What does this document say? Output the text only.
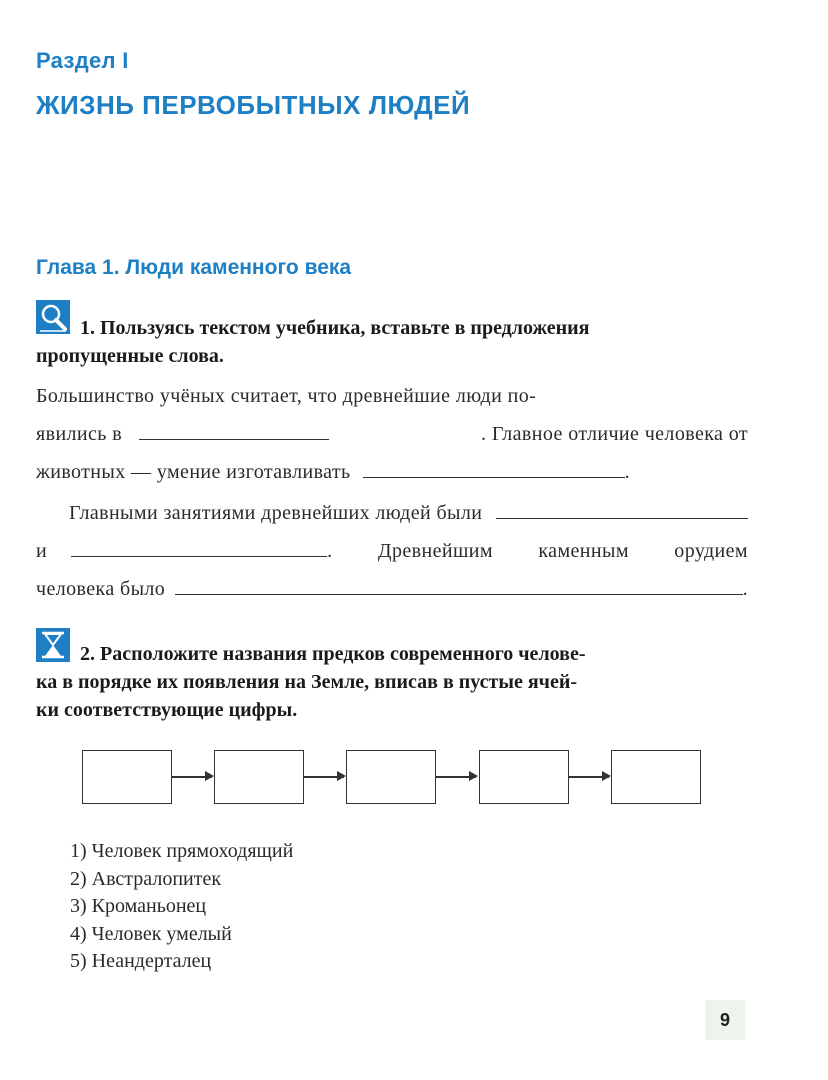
Раздел I
ЖИЗНЬ ПЕРВОБЫТНЫХ ЛЮДЕЙ
Глава 1. Люди каменного века
1. Пользуясь текстом учебника, вставьте в предложения
пропущенные слова.
Большинство учёных считает, что древнейшие люди по-
явились в	. Главное отличие человека от
животных — умение изготавливать	.
Главными занятиями древнейших людей были
и	. Древнейшим каменным орудием
человека было	.
2. Расположите названия предков современного челове-
ка в порядке их появления на Земле, вписав в пустые ячей-
ки соответствующие цифры.
1) Человек прямоходящий
2) Австралопитек
3) Кроманьонец
4) Человек умелый
5) Неандерталец
9
